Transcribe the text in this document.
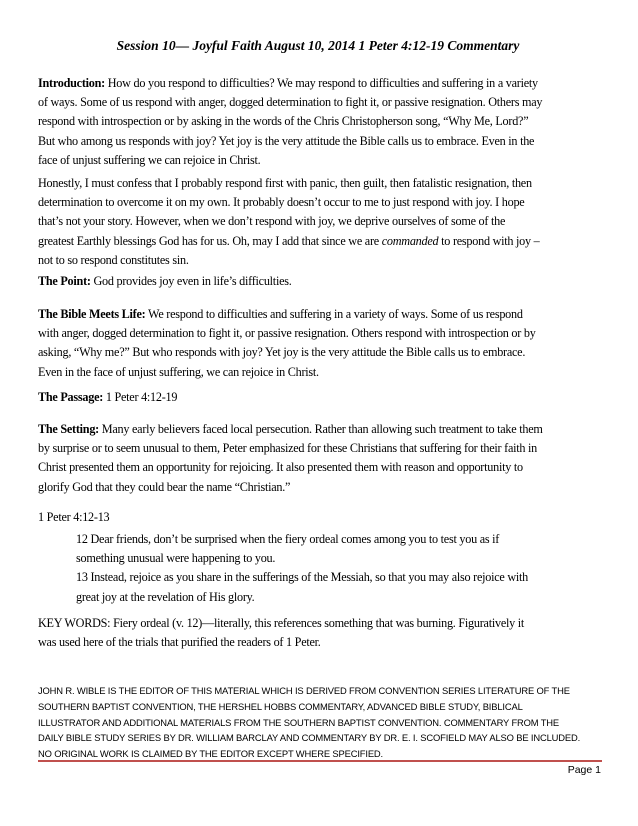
Session 10— Joyful Faith August 10, 2014 1 Peter 4:12-19 Commentary

Introduction: How do you respond to difficulties? We may respond to difficulties and suffering in a variety

of ways. Some of us respond with anger, dogged determination to fight it, or passive resignation. Others may

respond with introspection or by asking in the words of the Chris Christopherson song, “Why Me, Lord?”

But who among us responds with joy? Yet joy is the very attitude the Bible calls us to embrace. Even in the

face of unjust suffering we can rejoice in Christ.

Honestly, I must confess that I probably respond first with panic, then guilt, then fatalistic resignation, then

determination to overcome it on my own. It probably doesn’t occur to me to just respond with joy. I hope

that’s not your story. However, when we don’t respond with joy, we deprive ourselves of some of the

greatest Earthly blessings God has for us. Oh, may I add that since we are commanded to respond with joy –

not to so respond constitutes sin.

The Point: God provides joy even in life’s difficulties.

The Bible Meets Life: We respond to difficulties and suffering in a variety of ways. Some of us respond

with anger, dogged determination to fight it, or passive resignation. Others respond with introspection or by

asking, “Why me?” But who responds with joy? Yet joy is the very attitude the Bible calls us to embrace.

Even in the face of unjust suffering, we can rejoice in Christ.

The Passage: 1 Peter 4:12-19

The Setting: Many early believers faced local persecution. Rather than allowing such treatment to take them

by surprise or to seem unusual to them, Peter emphasized for these Christians that suffering for their faith in

Christ presented them an opportunity for rejoicing. It also presented them with reason and opportunity to

glorify God that they could bear the name “Christian.”

1 Peter 4:12-13

12 Dear friends, don’t be surprised when the fiery ordeal comes among you to test you as if

something unusual were happening to you.

13 Instead, rejoice as you share in the sufferings of the Messiah, so that you may also rejoice with

great joy at the revelation of His glory.

KEY WORDS: Fiery ordeal (v. 12)—literally, this references something that was burning. Figuratively it

was used here of the trials that purified the readers of 1 Peter.

JOHN R. WIBLE IS THE EDITOR OF THIS MATERIAL WHICH IS DERIVED FROM CONVENTION SERIES LITERATURE OF THE

SOUTHERN BAPTIST CONVENTION, THE HERSHEL HOBBS COMMENTARY, ADVANCED BIBLE STUDY, BIBLICAL

ILLUSTRATOR AND ADDITIONAL MATERIALS FROM THE SOUTHERN BAPTIST CONVENTION. COMMENTARY FROM THE

DAILY BIBLE STUDY SERIES BY DR. WILLIAM BARCLAY AND COMMENTARY BY DR. E. I. SCOFIELD MAY ALSO BE INCLUDED.

NO ORIGINAL WORK IS CLAIMED BY THE EDITOR EXCEPT WHERE SPECIFIED.

Page 1
